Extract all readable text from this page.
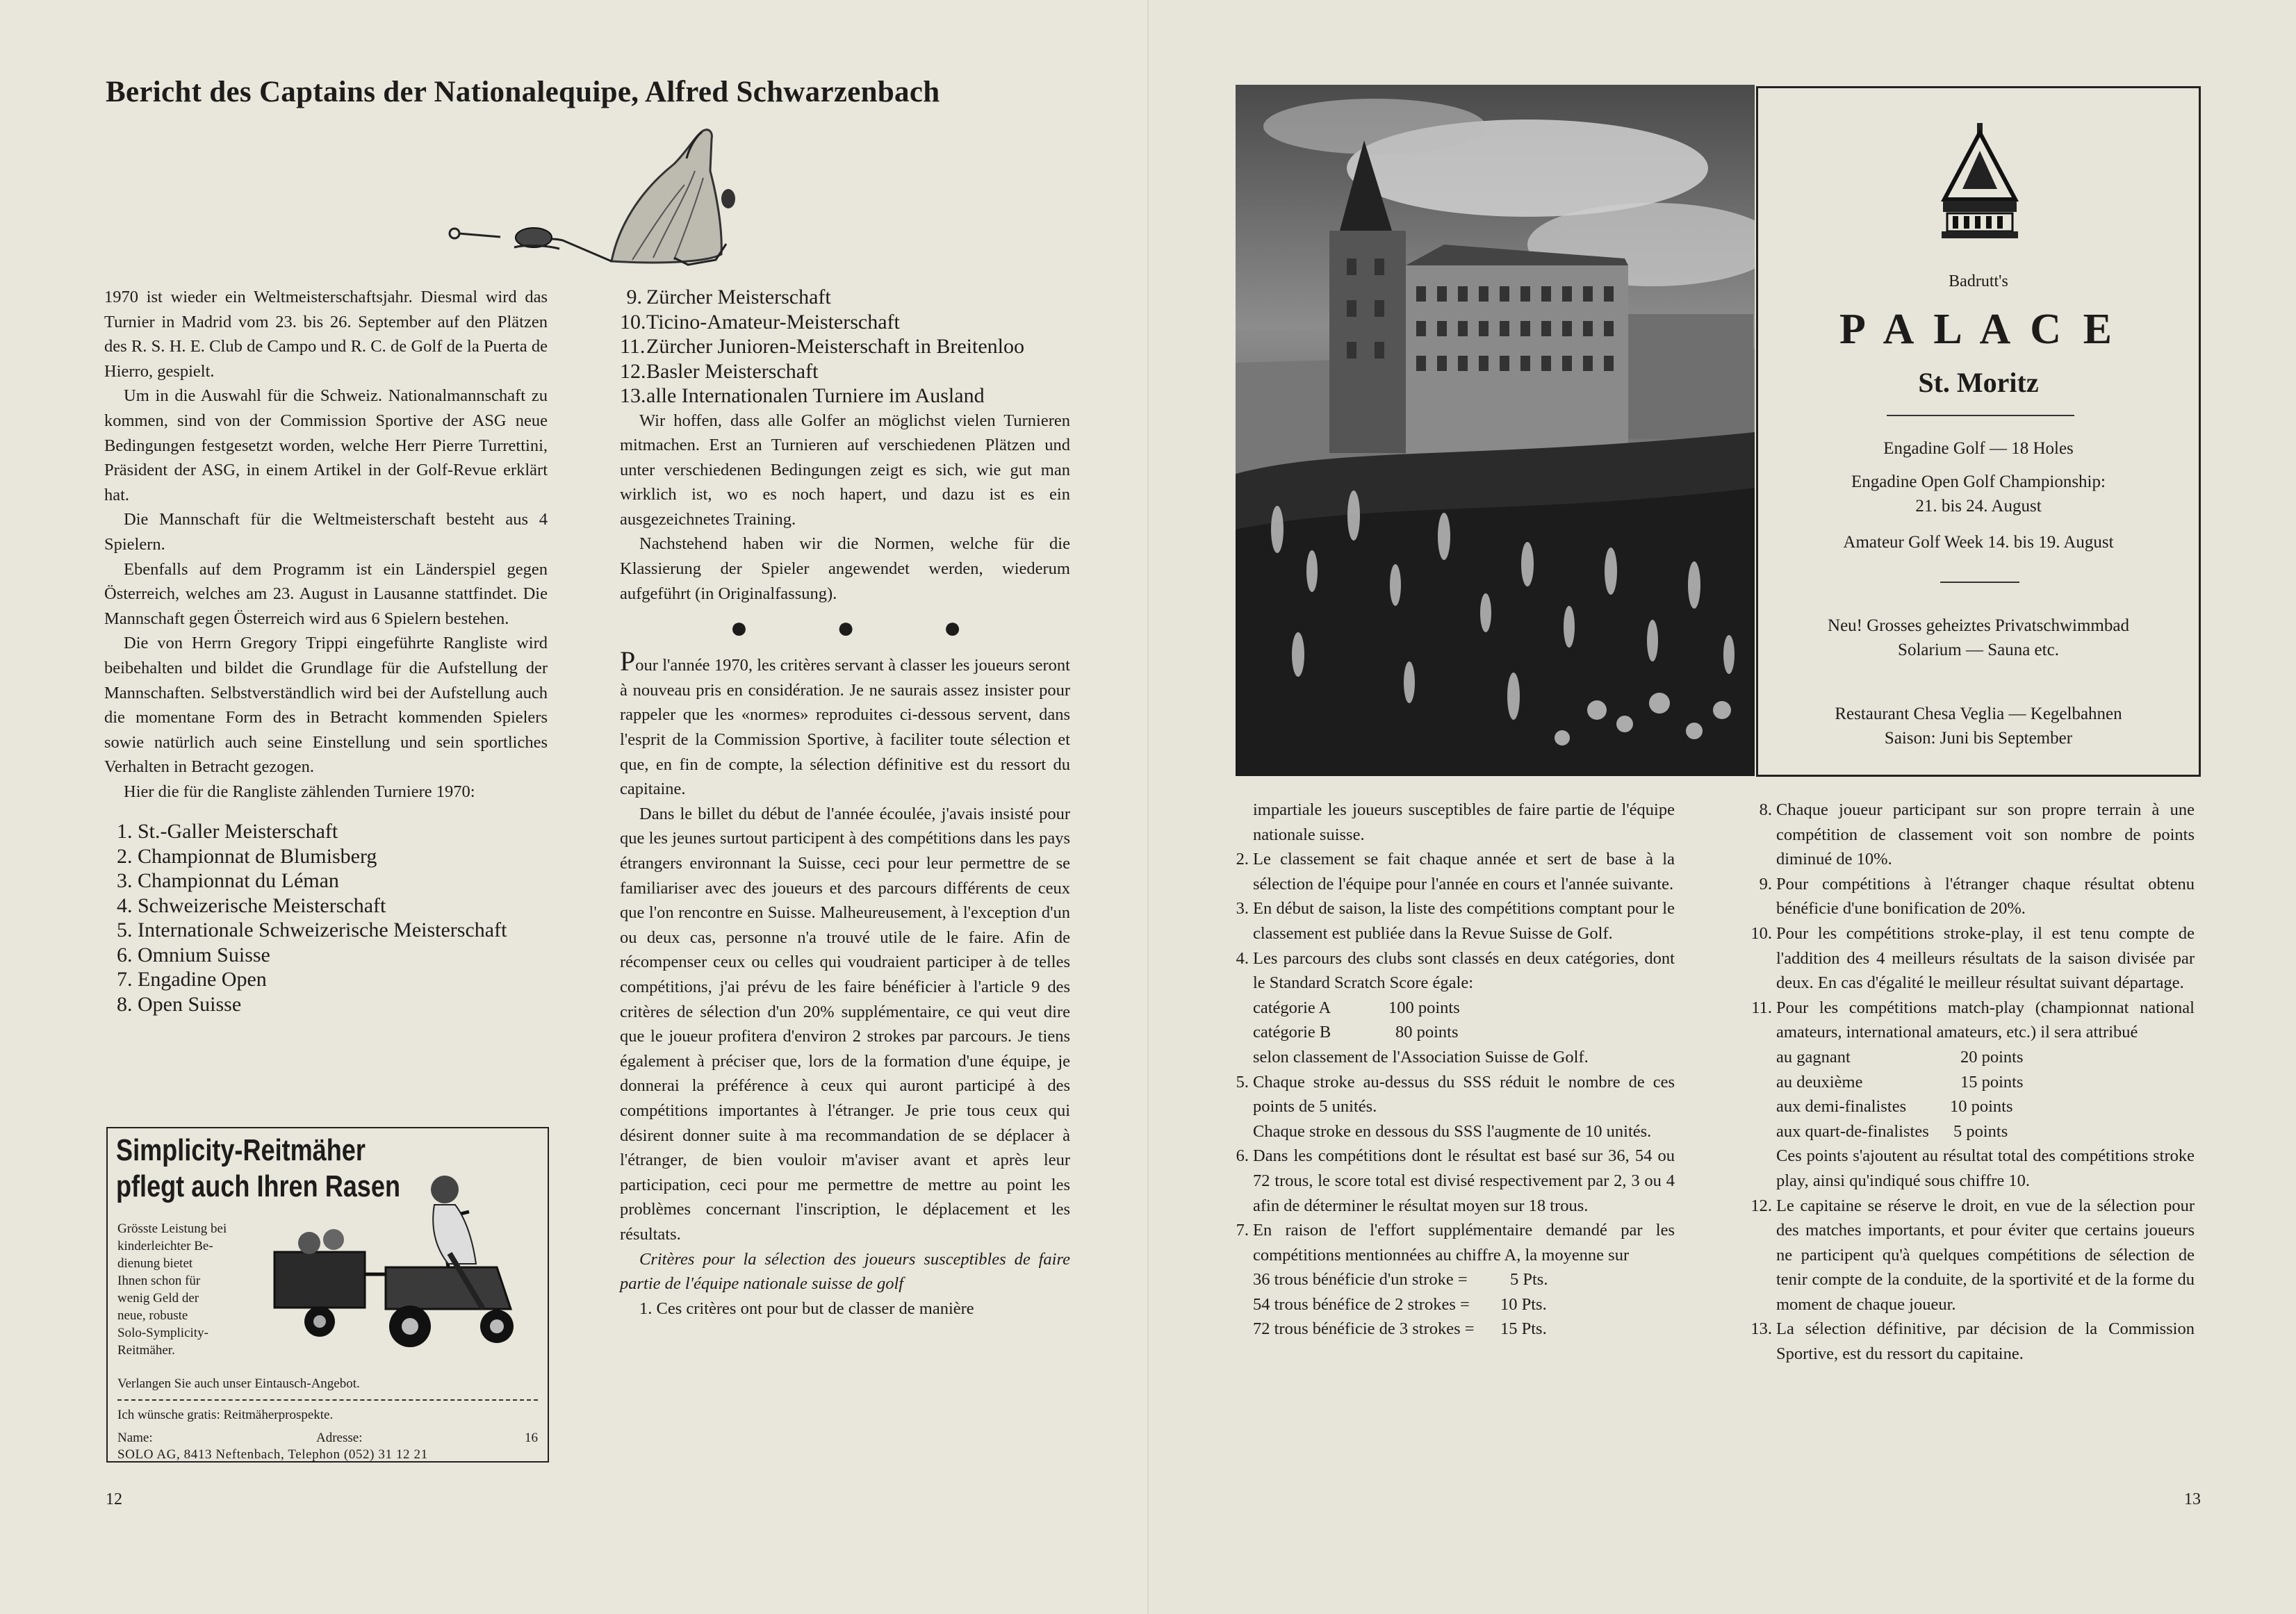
Bericht des Captains der Nationalequipe, Alfred Schwarzenbach

1970 ist wieder ein Weltmeisterschaftsjahr. Diesmal wird das Turnier in Madrid vom 23. bis 26. September auf den Plätzen des R. S. H. E. Club de Campo und R. C. de Golf de la Puerta de Hierro, gespielt.

Um in die Auswahl für die Schweiz. Nationalmannschaft zu kommen, sind von der Commission Sportive der ASG neue Bedingungen festgesetzt worden, welche Herr Pierre Turrettini, Präsident der ASG, in einem Artikel in der Golf-Revue erklärt hat.

Die Mannschaft für die Weltmeisterschaft besteht aus 4 Spielern.

Ebenfalls auf dem Programm ist ein Länderspiel gegen Österreich, welches am 23. August in Lausanne stattfindet. Die Mannschaft gegen Österreich wird aus 6 Spielern bestehen.

Die von Herrn Gregory Trippi eingeführte Rangliste wird beibehalten und bildet die Grundlage für die Aufstellung der Mannschaften. Selbstverständlich wird bei der Aufstellung auch die momentane Form des in Betracht kommenden Spielers sowie natürlich auch seine Einstellung und sein sportliches Verhalten in Betracht gezogen.

Hier die für die Rangliste zählenden Turniere 1970:

1. St.-Galler Meisterschaft
2. Championnat de Blumisberg
3. Championnat du Léman
4. Schweizerische Meisterschaft
5. Internationale Schweizerische Meisterschaft
6. Omnium Suisse
7. Engadine Open
8. Open Suisse
9. Zürcher Meisterschaft
10.Ticino-Amateur-Meisterschaft
11.Zürcher Junioren-Meisterschaft in Breitenloo
12.Basler Meisterschaft
13.alle Internationalen Turniere im Ausland

Wir hoffen, dass alle Golfer an möglichst vielen Turnieren mitmachen. Erst an Turnieren auf verschiedenen Plätzen und unter verschiedenen Bedingungen zeigt es sich, wie gut man wirklich ist, wo es noch hapert, und dazu ist es ein ausgezeichnetes Training.

Nachstehend haben wir die Normen, welche für die Klassierung der Spieler angewendet werden, wiederum aufgeführt (in Originalfassung).

● ● ●

Pour l'année 1970, les critères servant à classer les joueurs seront à nouveau pris en considération. Je ne saurais assez insister pour rappeler que les «normes» reproduites ci-dessous servent, dans l'esprit de la Commission Sportive, à faciliter toute sélection et que, en fin de compte, la sélection définitive est du ressort du capitaine.

Dans le billet du début de l'année écoulée, j'avais insisté pour que les jeunes surtout participent à des compétitions dans les pays étrangers environnant la Suisse, ceci pour leur permettre de se familiariser avec des joueurs et des parcours différents de ceux que l'on rencontre en Suisse. Malheureusement, à l'exception d'un ou deux cas, personne n'a trouvé utile de le faire. Afin de récompenser ceux ou celles qui voudraient participer à de telles compétitions, j'ai prévu de les faire bénéficier à l'article 9 des critères de sélection d'un 20% supplémentaire, ce qui veut dire que le joueur profitera d'environ 2 strokes par parcours. Je tiens également à préciser que, lors de la formation d'une équipe, je donnerai la préférence à ceux qui auront participé à des compétitions importantes à l'étranger. Je prie tous ceux qui désirent donner suite à ma recommandation de se déplacer à l'étranger, de bien vouloir m'aviser avant et après leur participation, ceci pour me permettre de mettre au point les problèmes concernant l'inscription, le déplacement et les résultats.

Critères pour la sélection des joueurs susceptibles de faire partie de l'équipe nationale suisse de golf

1. Ces critères ont pour but de classer de manière

Simplicity-Reitmäher
pflegt auch Ihren Rasen
Grösste Leistung bei
kinderleichter Be-
dienung bietet
Ihnen schon für
wenig Geld der
neue, robuste
Solo-Symplicity-
Reitmäher.
Verlangen Sie auch unser Eintausch-Angebot.
Ich wünsche gratis: Reitmäherprospekte.
Name:	Adresse:	16
SOLO AG, 8413 Neftenbach, Telephon (052) 31 12 21
12
Badrutt's
P A L A C E
St. Moritz
Engadine Golf — 18 Holes
Engadine Open Golf Championship:
21. bis 24. August
Amateur Golf Week 14. bis 19. August
Neu! Grosses geheiztes Privatschwimmbad
Solarium — Sauna etc.
Restaurant Chesa Veglia — Kegelbahnen
Saison: Juni bis September

impartiale les joueurs susceptibles de faire partie de l'équipe nationale suisse.

2. Le classement se fait chaque année et sert de base à la sélection de l'équipe pour l'année en cours et l'année suivante.

3. En début de saison, la liste des compétitions comptant pour le classement est publiée dans la Revue Suisse de Golf.

4. Les parcours des clubs sont classés en deux catégories, dont le Standard Scratch Score égale:

catégorie A	100 points
catégorie B	80 points
selon classement de l'Association Suisse de Golf.

5. Chaque stroke au-dessus du SSS réduit le nombre de ces points de 5 unités.

Chaque stroke en dessous du SSS l'augmente de 10 unités.

6. Dans les compétitions dont le résultat est basé sur 36, 54 ou 72 trous, le score total est divisé respectivement par 2, 3 ou 4 afin de déterminer le résultat moyen sur 18 trous.

7. En raison de l'effort supplémentaire demandé par les compétitions mentionnées au chiffre A, la moyenne sur

36 trous bénéficie d'un stroke = 5 Pts.
54 trous bénéfice de 2 strokes = 10 Pts.
72 trous bénéficie de 3 strokes = 15 Pts.

8. Chaque joueur participant sur son propre terrain à une compétition de classement voit son nombre de points diminué de 10%.

9. Pour compétitions à l'étranger chaque résultat obtenu bénéficie d'une bonification de 20%.

10. Pour les compétitions stroke-play, il est tenu compte de l'addition des 4 meilleurs résultats de la saison divisée par deux. En cas d'égalité le meilleur résultat suivant départage.

11. Pour les compétitions match-play (championnat national amateurs, international amateurs, etc.) il sera attribué

au gagnant	20 points
au deuxième	15 points
aux demi-finalistes	10 points
aux quart-de-finalistes 5 points

Ces points s'ajoutent au résultat total des compétitions stroke play, ainsi qu'indiqué sous chiffre 10.

12. Le capitaine se réserve le droit, en vue de la sélection pour des matches importants, et pour éviter que certains joueurs ne participent qu'à quelques compétitions de sélection de tenir compte de la conduite, de la sportivité et de la forme du moment de chaque joueur.

13. La sélection définitive, par décision de la Commission Sportive, est du ressort du capitaine.

13
